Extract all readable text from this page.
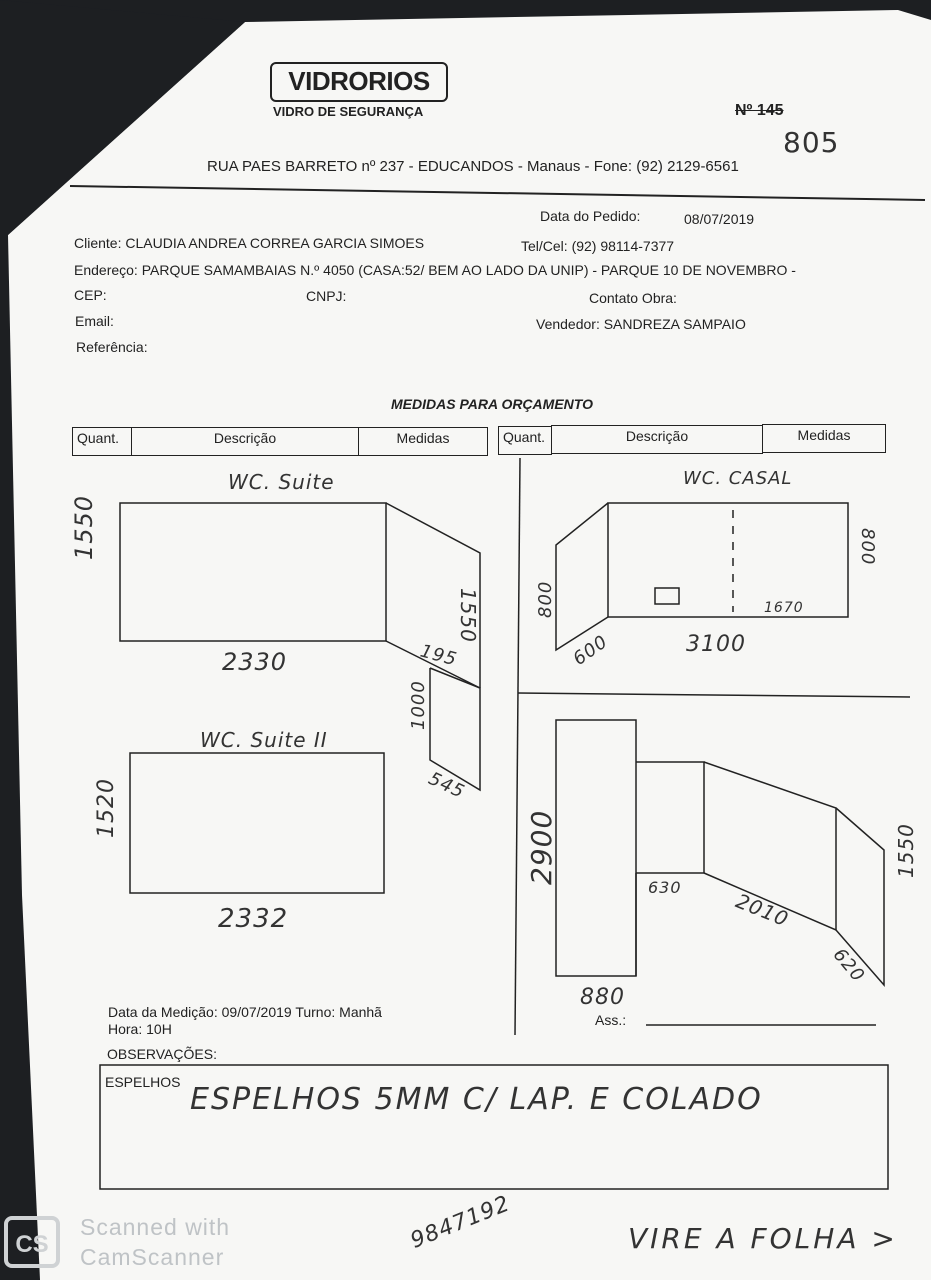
VIDRORIOS
VIDRO DE SEGURANÇA	Nº 145
805
RUA PAES BARRETO nº 237 - EDUCANDOS - Manaus - Fone: (92) 2129-6561
Data do Pedido:	08/07/2019
Cliente: CLAUDIA ANDREA CORREA GARCIA SIMOES	Tel/Cel: (92) 98114-7377
Endereço: PARQUE SAMAMBAIAS N.º 4050 (CASA:52/ BEM AO LADO DA UNIP) - PARQUE 10 DE NOVEMBRO -
CEP:	CNPJ:	Contato Obra:
Email:	Vendedor: SANDREZA SAMPAIO
Referência:
MEDIDAS PARA ORÇAMENTO
Quant.	Descrição	Medidas	Quant.	Descrição	Medidas
WC. Suite
1550
2330
1550
195
1000
545
WC. Suite II
1520
2332
WC. CASAL
800
600	3100
1670
800
2900
880
630
2010
620
1550
Data da Medição: 09/07/2019 Turno: Manhã
Hora: 10H
Ass.:
OBSERVAÇÕES:
ESPELHOS ESPELHOS 5MM C/ LAP. E COLADO
CS
Scanned with
CamScanner
9847192	VIRE A FOLHA >
